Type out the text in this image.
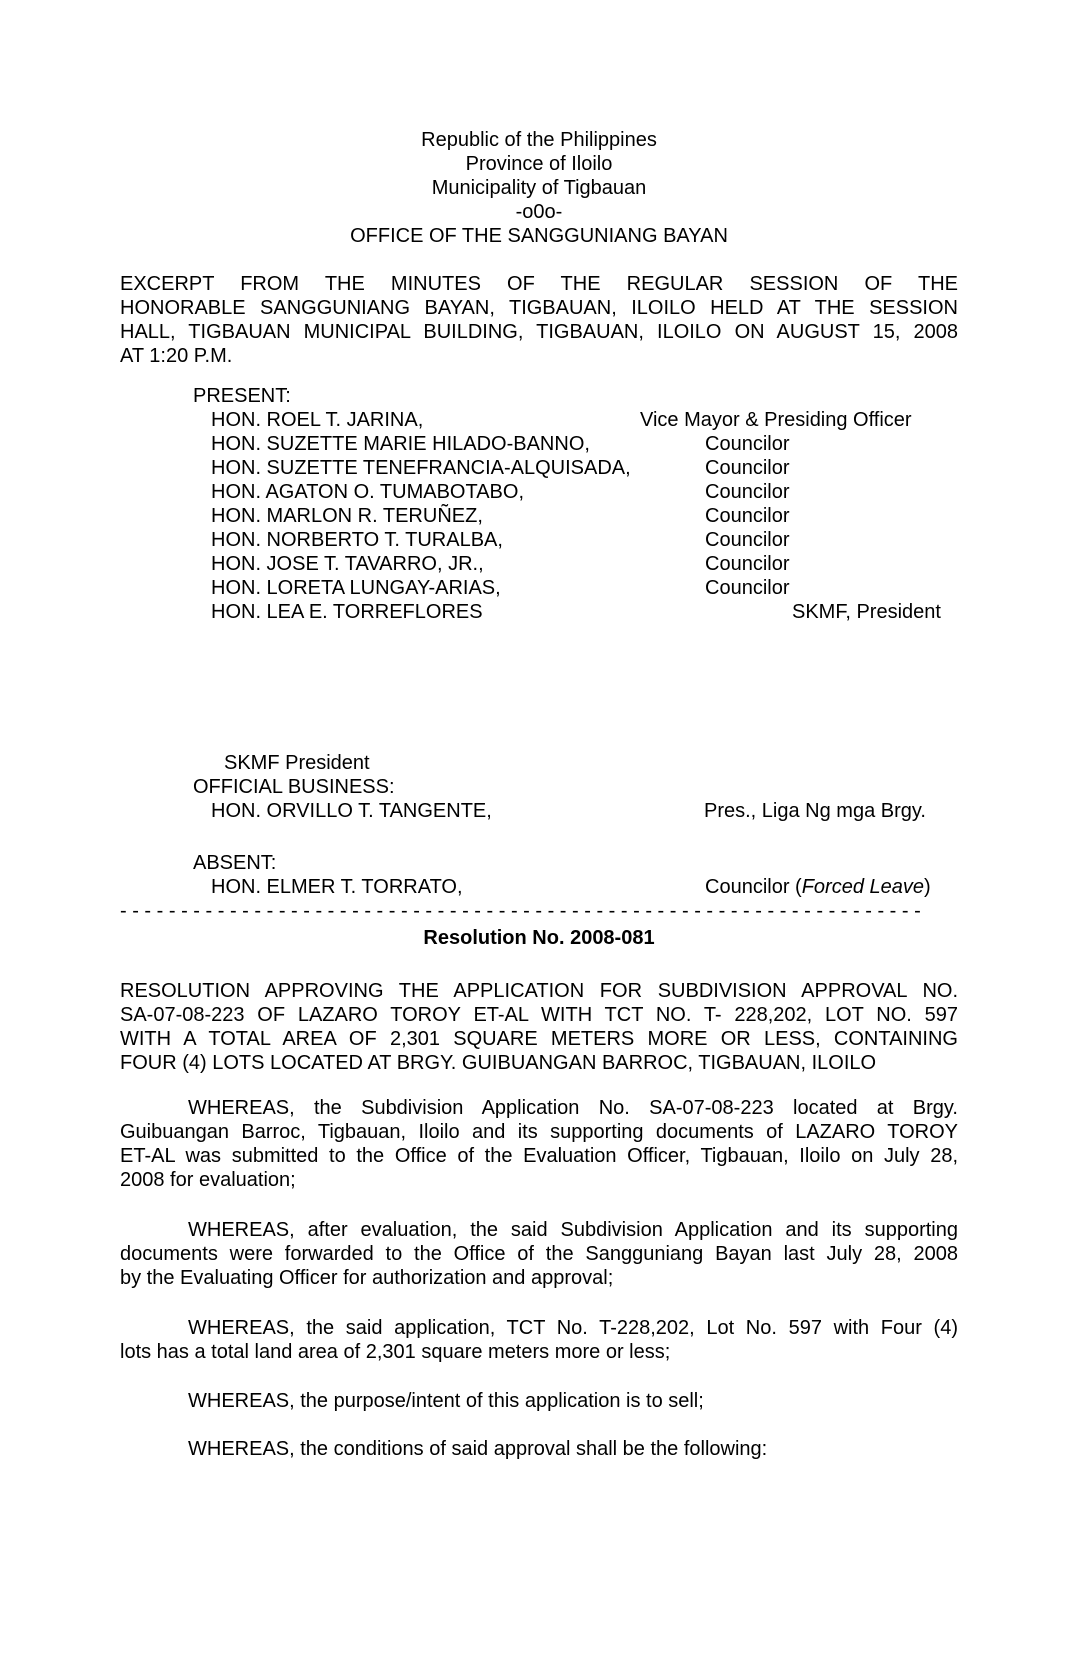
Republic of the Philippines
Province of Iloilo
Municipality of Tigbauan
-o0o-
OFFICE OF THE SANGGUNIANG BAYAN
EXCERPT FROM THE MINUTES OF THE REGULAR SESSION OF THE
HONORABLE SANGGUNIANG BAYAN, TIGBAUAN, ILOILO HELD AT THE SESSION
HALL, TIGBAUAN MUNICIPAL BUILDING, TIGBAUAN, ILOILO ON AUGUST 15, 2008
AT 1:20 P.M.
PRESENT:
HON. ROEL T. JARINA,	Vice Mayor & Presiding Officer
HON. SUZETTE MARIE HILADO-BANNO,	Councilor
HON. SUZETTE TENEFRANCIA-ALQUISADA,	Councilor
HON. AGATON O. TUMABOTABO,	Councilor
HON. MARLON R. TERUÑEZ,	Councilor
HON. NORBERTO T. TURALBA,	Councilor
HON. JOSE T. TAVARRO, JR.,	Councilor
HON. LORETA LUNGAY-ARIAS,	Councilor
HON. LEA E. TORREFLORES	SKMF, President
SKMF President
OFFICIAL BUSINESS:
HON. ORVILLO T. TANGENTE,	Pres., Liga Ng mga Brgy.
ABSENT:
HON. ELMER T. TORRATO,	Councilor (Forced Leave)
- - - - - - - - - - - - - - - - - - - - - - - - - - - - - - - - - - - - - - - - - - - - - - - - - - - - - - - - - - - - - - - - - -
Resolution No. 2008-081
RESOLUTION APPROVING THE APPLICATION FOR SUBDIVISION APPROVAL NO.
SA-07-08-223 OF LAZARO TOROY ET-AL WITH TCT NO. T- 228,202, LOT NO. 597
WITH A TOTAL AREA OF 2,301 SQUARE METERS MORE OR LESS, CONTAINING
FOUR (4) LOTS LOCATED AT BRGY. GUIBUANGAN BARROC, TIGBAUAN, ILOILO
WHEREAS, the Subdivision Application No. SA-07-08-223 located at Brgy.
Guibuangan Barroc, Tigbauan, Iloilo and its supporting documents of LAZARO TOROY
ET-AL was submitted to the Office of the Evaluation Officer, Tigbauan, Iloilo on July 28,
2008 for evaluation;
WHEREAS, after evaluation, the said Subdivision Application and its supporting
documents were forwarded to the Office of the Sangguniang Bayan last July 28, 2008
by the Evaluating Officer for authorization and approval;
WHEREAS, the said application, TCT No. T-228,202, Lot No. 597 with Four (4)
lots has a total land area of 2,301 square meters more or less;
WHEREAS, the purpose/intent of this application is to sell;
WHEREAS, the conditions of said approval shall be the following:
